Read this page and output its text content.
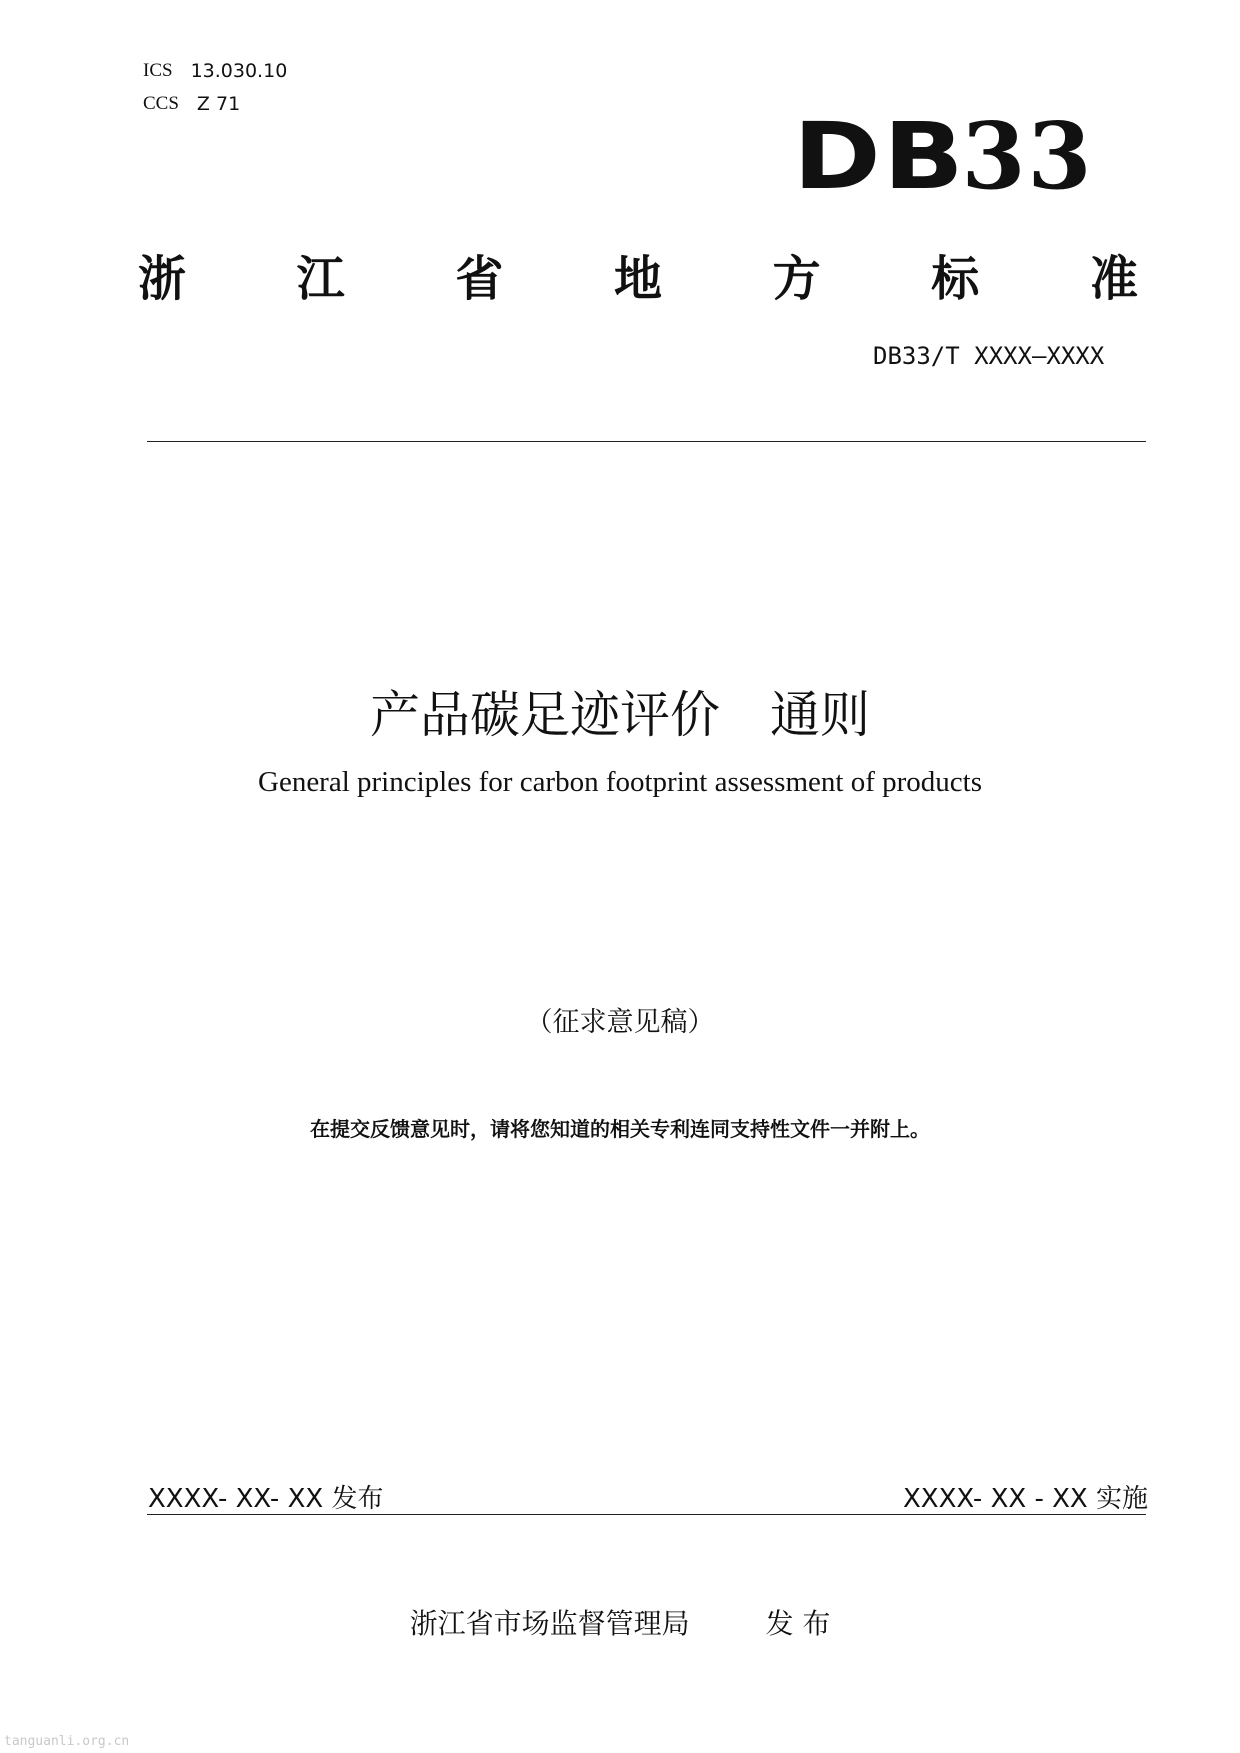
ICS 13.030.10
CCS Z 71	DB33
浙 江 省 地 方 标 准
DB33/T XXXX—XXXX
产品碳足迹评价　通则
General principles for carbon footprint assessment of products
（征求意见稿）
在提交反馈意见时，请将您知道的相关专利连同支持性文件一并附上。
XXXX- XX- XX 发布	XXXX- XX - XX 实施
浙江省市场监督管理局	发 布
tanguanli.org.cn
